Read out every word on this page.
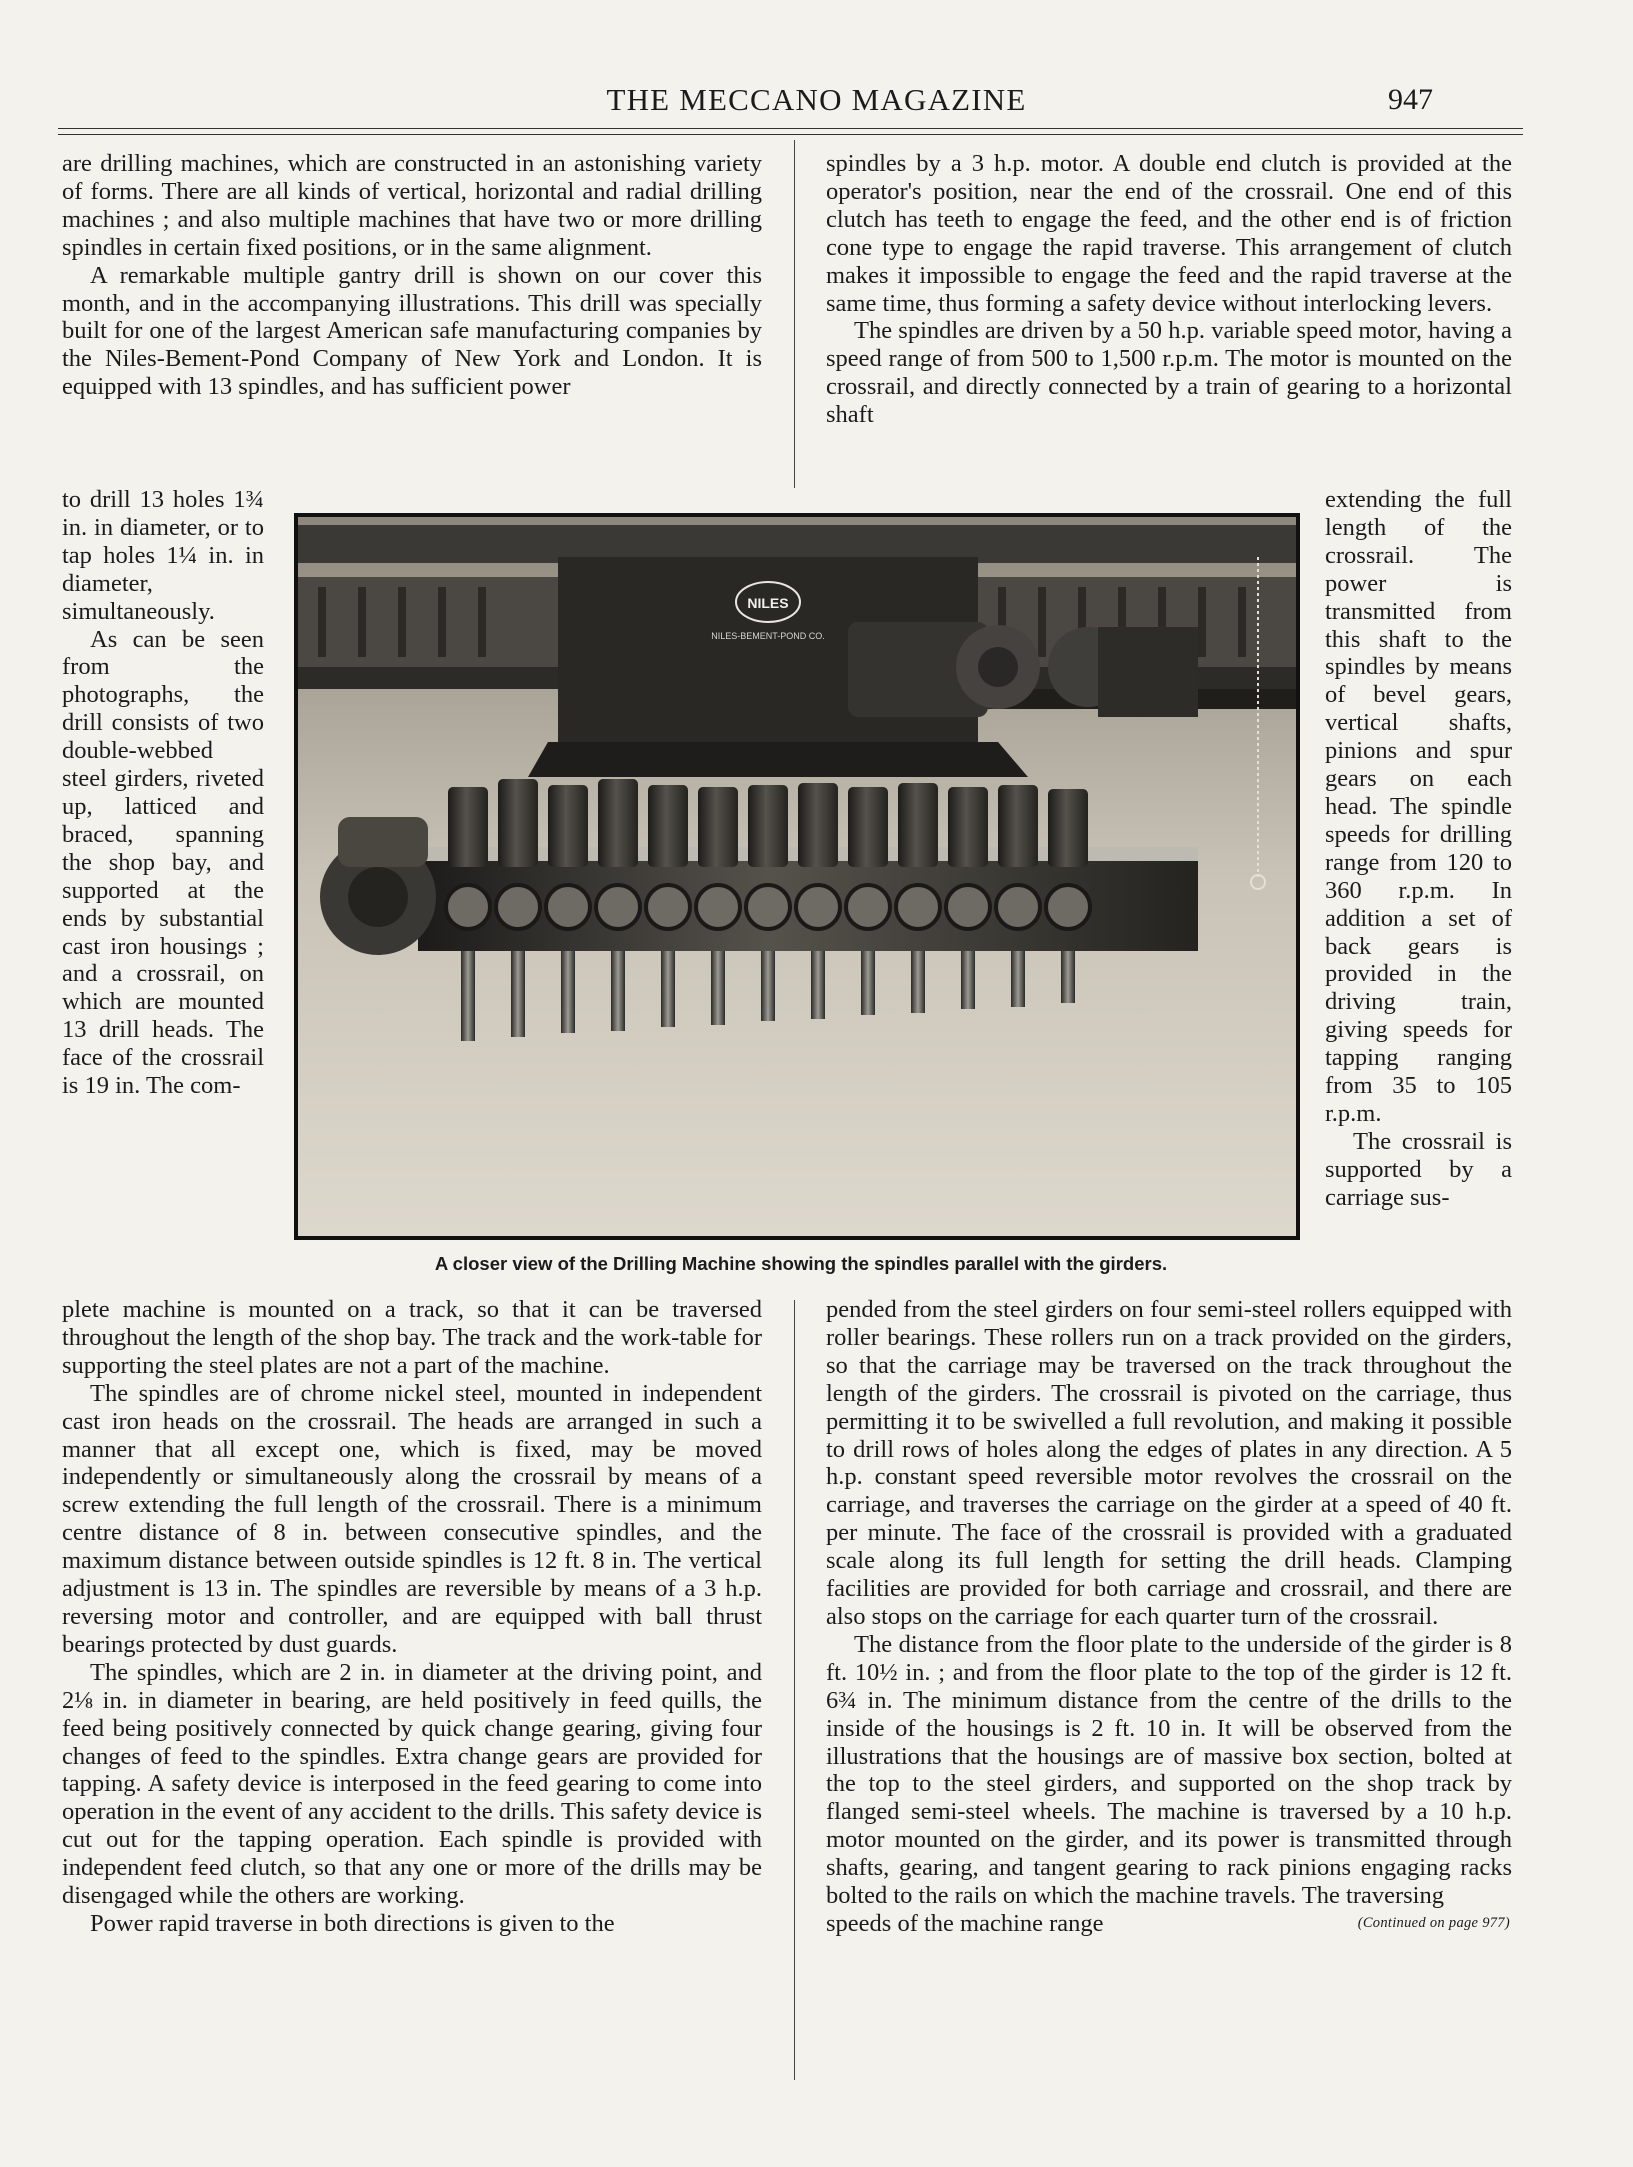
THE MECCANO MAGAZINE	947

are drilling machines, which are constructed in an astonishing variety of forms. There are all kinds of vertical, horizontal and radial drilling machines ; and also multiple machines that have two or more drilling spindles in certain fixed positions, or in the same alignment.

A remarkable multiple gantry drill is shown on our cover this month, and in the accompanying illustrations. This drill was specially built for one of the largest American safe manufacturing companies by the Niles-Bement-Pond Company of New York and London. It is equipped with 13 spindles, and has sufficient power

spindles by a 3 h.p. motor. A double end clutch is provided at the operator's position, near the end of the crossrail. One end of this clutch has teeth to engage the feed, and the other end is of friction cone type to engage the rapid traverse. This arrangement of clutch makes it impossible to engage the feed and the rapid traverse at the same time, thus forming a safety device without interlocking levers.

The spindles are driven by a 50 h.p. variable speed motor, having a speed range of from 500 to 1,500 r.p.m. The motor is mounted on the crossrail, and directly connected by a train of gearing to a horizontal shaft

to drill 13 holes 1¾ in. in diameter, or to tap holes 1¼ in. in diameter, simultaneously.

As can be seen from the photographs, the drill consists of two double-webbed steel girders, riveted up, latticed and braced, spanning the shop bay, and supported at the ends by substantial cast iron housings ; and a crossrail, on which are mounted 13 drill heads. The face of the crossrail is 19 in. The com-

extending the full length of the crossrail. The power is transmitted from this shaft to the spindles by means of bevel gears, vertical shafts, pinions and spur gears on each head. The spindle speeds for drilling range from 120 to 360 r.p.m. In addition a set of back gears is provided in the driving train, giving speeds for tapping ranging from 35 to 105 r.p.m.

The crossrail is supported by a carriage sus-

NILES
NILES-BEMENT-POND CO.
A closer view of the Drilling Machine showing the spindles parallel with the girders.

plete machine is mounted on a track, so that it can be traversed throughout the length of the shop bay. The track and the work-table for supporting the steel plates are not a part of the machine.

The spindles are of chrome nickel steel, mounted in independent cast iron heads on the crossrail. The heads are arranged in such a manner that all except one, which is fixed, may be moved independently or simultaneously along the crossrail by means of a screw extending the full length of the crossrail. There is a minimum centre distance of 8 in. between consecutive spindles, and the maximum distance between outside spindles is 12 ft. 8 in. The vertical adjustment is 13 in. The spindles are reversible by means of a 3 h.p. reversing motor and controller, and are equipped with ball thrust bearings protected by dust guards.

The spindles, which are 2 in. in diameter at the driving point, and 2⅛ in. in diameter in bearing, are held positively in feed quills, the feed being positively connected by quick change gearing, giving four changes of feed to the spindles. Extra change gears are provided for tapping. A safety device is interposed in the feed gearing to come into operation in the event of any accident to the drills. This safety device is cut out for the tapping operation. Each spindle is provided with independent feed clutch, so that any one or more of the drills may be disengaged while the others are working.

Power rapid traverse in both directions is given to the

pended from the steel girders on four semi-steel rollers equipped with roller bearings. These rollers run on a track provided on the girders, so that the carriage may be traversed on the track throughout the length of the girders. The crossrail is pivoted on the carriage, thus permitting it to be swivelled a full revolution, and making it possible to drill rows of holes along the edges of plates in any direction. A 5 h.p. constant speed reversible motor revolves the crossrail on the carriage, and traverses the carriage on the girder at a speed of 40 ft. per minute. The face of the crossrail is provided with a graduated scale along its full length for setting the drill heads. Clamping facilities are provided for both carriage and crossrail, and there are also stops on the carriage for each quarter turn of the crossrail.

The distance from the floor plate to the underside of the girder is 8 ft. 10½ in. ; and from the floor plate to the top of the girder is 12 ft. 6¾ in. The minimum distance from the centre of the drills to the inside of the housings is 2 ft. 10 in. It will be observed from the illustrations that the housings are of massive box section, bolted at the top to the steel girders, and supported on the shop track by flanged semi-steel wheels. The machine is traversed by a 10 h.p. motor mounted on the girder, and its power is transmitted through shafts, gearing, and tangent gearing to rack pinions engaging racks bolted to the rails on which the machine travels. The traversing

speeds of the machine range	(Continued on page 977)
